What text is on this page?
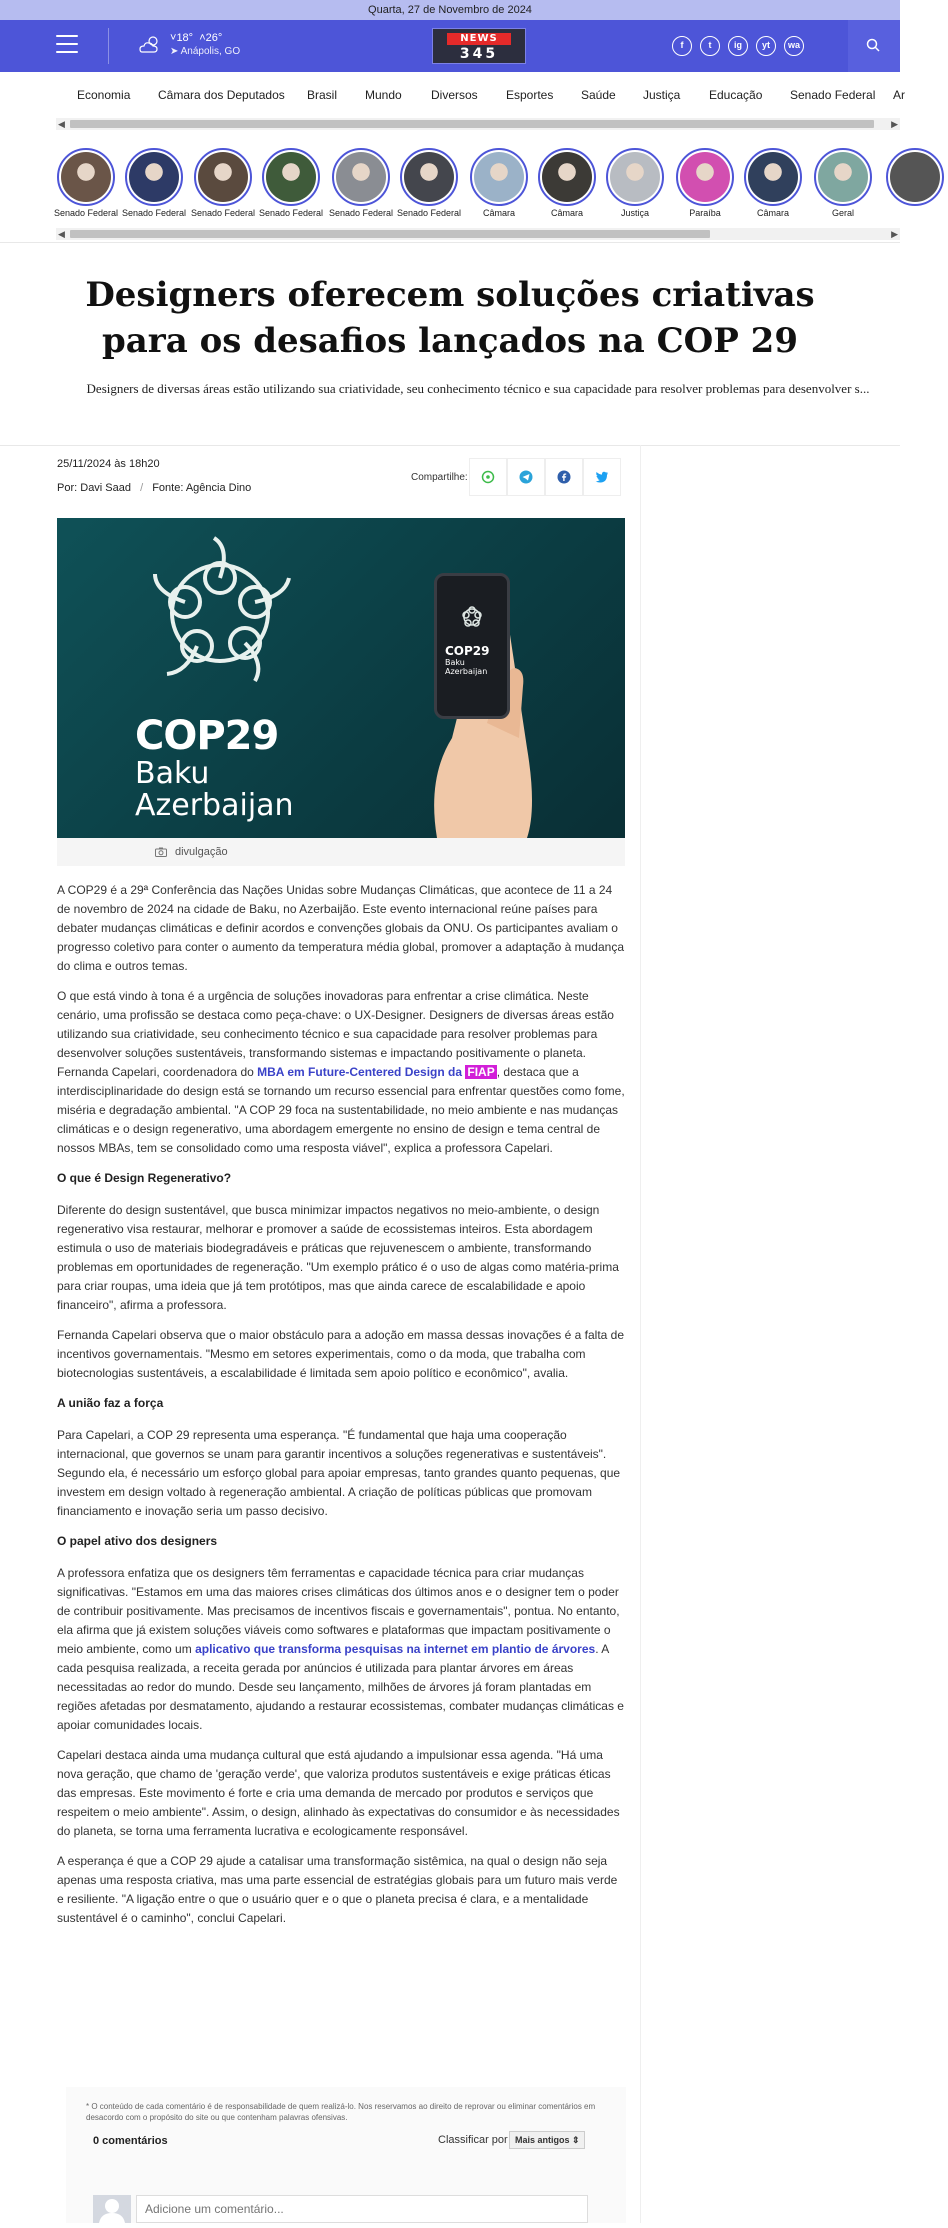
Quarta, 27 de Novembro de 2024
˅18° ˄26°
➤ Anápolis, GO
NEWS
345
f	t	ig	yt	wa
Economia Câmara dos Deputados Brasil Mundo Diversos Esportes Saúde Justiça Educação Senado Federal Ar
◀	▶
Senado Federal Senado Federal Senado Federal Senado Federal Senado Federal Senado Federal	Câmara	Câmara	Justiça	Paraíba	Câmara	Geral
◀	▶
Designers oferecem soluções criativas para os desafios lançados na COP 29
Designers de diversas áreas estão utilizando sua criatividade, seu conhecimento técnico e sua capacidade para resolver problemas para desenvolver s...
25/11/2024 às 18h20
Por: Davi Saad / Fonte: Agência Dino
Compartilhe:
COP29
Baku
Azerbaijan
COP29
Baku
Azerbaijan
divulgação

A COP29 é a 29ª Conferência das Nações Unidas sobre Mudanças Climáticas, que acontece de 11 a 24 de novembro de 2024 na cidade de Baku, no Azerbaijão. Este evento internacional reúne países para debater mudanças climáticas e definir acordos e convenções globais da ONU. Os participantes avaliam o progresso coletivo para conter o aumento da temperatura média global, promover a adaptação à mudança do clima e outros temas.

O que está vindo à tona é a urgência de soluções inovadoras para enfrentar a crise climática. Neste cenário, uma profissão se destaca como peça-chave: o UX-Designer. Designers de diversas áreas estão utilizando sua criatividade, seu conhecimento técnico e sua capacidade para resolver problemas para desenvolver soluções sustentáveis, transformando sistemas e impactando positivamente o planeta. Fernanda Capelari, coordenadora do MBA em Future-Centered Design da FIAP , destaca que a interdisciplinaridade do design está se tornando um recurso essencial para enfrentar questões como fome, miséria e degradação ambiental. "A COP 29 foca na sustentabilidade, no meio ambiente e nas mudanças climáticas e o design regenerativo, uma abordagem emergente no ensino de design e tema central de nossos MBAs, tem se consolidado como uma resposta viável", explica a professora Capelari.

O que é Design Regenerativo?

Diferente do design sustentável, que busca minimizar impactos negativos no meio-ambiente, o design regenerativo visa restaurar, melhorar e promover a saúde de ecossistemas inteiros. Esta abordagem estimula o uso de materiais biodegradáveis e práticas que rejuvenescem o ambiente, transformando problemas em oportunidades de regeneração. "Um exemplo prático é o uso de algas como matéria-prima para criar roupas, uma ideia que já tem protótipos, mas que ainda carece de escalabilidade e apoio financeiro", afirma a professora.

Fernanda Capelari observa que o maior obstáculo para a adoção em massa dessas inovações é a falta de incentivos governamentais. "Mesmo em setores experimentais, como o da moda, que trabalha com biotecnologias sustentáveis, a escalabilidade é limitada sem apoio político e econômico", avalia.

A união faz a força

Para Capelari, a COP 29 representa uma esperança. "É fundamental que haja uma cooperação internacional, que governos se unam para garantir incentivos a soluções regenerativas e sustentáveis". Segundo ela, é necessário um esforço global para apoiar empresas, tanto grandes quanto pequenas, que investem em design voltado à regeneração ambiental. A criação de políticas públicas que promovam financiamento e inovação seria um passo decisivo.

O papel ativo dos designers

A professora enfatiza que os designers têm ferramentas e capacidade técnica para criar mudanças significativas. "Estamos em uma das maiores crises climáticas dos últimos anos e o designer tem o poder de contribuir positivamente. Mas precisamos de incentivos fiscais e governamentais", pontua. No entanto, ela afirma que já existem soluções viáveis como softwares e plataformas que impactam positivamente o meio ambiente, como um aplicativo que transforma pesquisas na internet em plantio de árvores. A cada pesquisa realizada, a receita gerada por anúncios é utilizada para plantar árvores em áreas necessitadas ao redor do mundo. Desde seu lançamento, milhões de árvores já foram plantadas em regiões afetadas por desmatamento, ajudando a restaurar ecossistemas, combater mudanças climáticas e apoiar comunidades locais.

Capelari destaca ainda uma mudança cultural que está ajudando a impulsionar essa agenda. "Há uma nova geração, que chamo de 'geração verde', que valoriza produtos sustentáveis e exige práticas éticas das empresas. Este movimento é forte e cria uma demanda de mercado por produtos e serviços que respeitem o meio ambiente". Assim, o design, alinhado às expectativas do consumidor e às necessidades do planeta, se torna uma ferramenta lucrativa e ecologicamente responsável.

A esperança é que a COP 29 ajude a catalisar uma transformação sistêmica, na qual o design não seja apenas uma resposta criativa, mas uma parte essencial de estratégias globais para um futuro mais verde e resiliente. "A ligação entre o que o usuário quer e o que o planeta precisa é clara, e a mentalidade sustentável é o caminho", conclui Capelari.

* O conteúdo de cada comentário é de responsabilidade de quem realizá-lo. Nos reservamos ao direito de reprovar ou eliminar comentários em desacordo com o propósito do site ou que contenham palavras ofensivas.
0 comentários	Classificar por Mais antigos ⇕
Adicione um comentário...
